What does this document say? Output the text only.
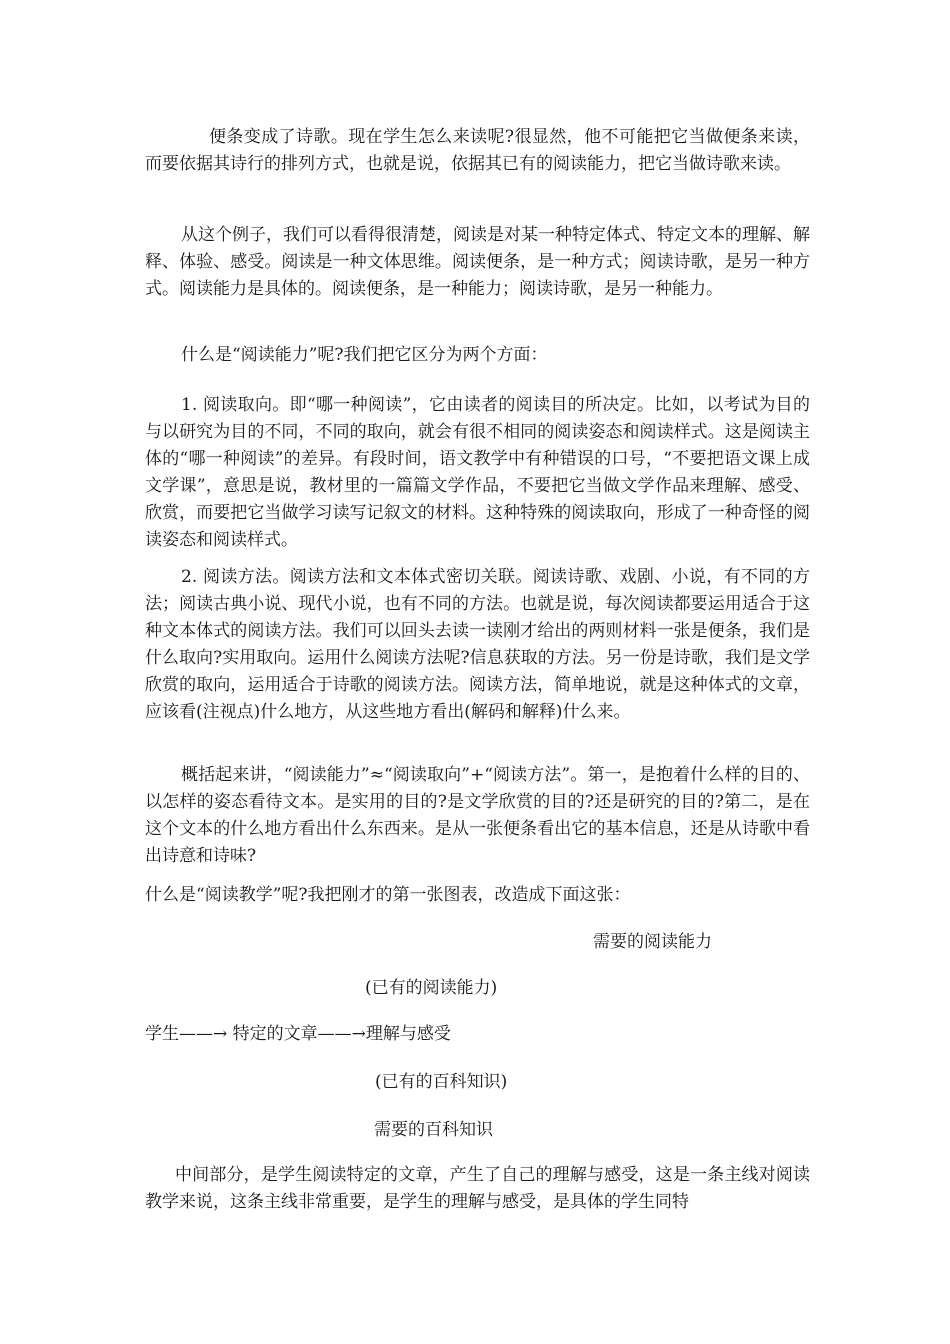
便条变成了诗歌。现在学生怎么来读呢?很显然，他不可能把它当做便条来读，而要依据其诗行的排列方式，也就是说，依据其已有的阅读能力，把它当做诗歌来读。

从这个例子，我们可以看得很清楚，阅读是对某一种特定体式、特定文本的理解、解释、体验、感受。阅读是一种文体思维。阅读便条，是一种方式；阅读诗歌，是另一种方式。阅读能力是具体的。阅读便条，是一种能力；阅读诗歌，是另一种能力。

什么是“阅读能力”呢?我们把它区分为两个方面：

1. 阅读取向。即“哪一种阅读”，它由读者的阅读目的所决定。比如，以考试为目的与以研究为目的不同，不同的取向，就会有很不相同的阅读姿态和阅读样式。这是阅读主体的“哪一种阅读”的差异。有段时间，语文教学中有种错误的口号，“不要把语文课上成文学课”，意思是说，教材里的一篇篇文学作品，不要把它当做文学作品来理解、感受、欣赏，而要把它当做学习读写记叙文的材料。这种特殊的阅读取向，形成了一种奇怪的阅读姿态和阅读样式。

2. 阅读方法。阅读方法和文本体式密切关联。阅读诗歌、戏剧、小说，有不同的方法；阅读古典小说、现代小说，也有不同的方法。也就是说，每次阅读都要运用适合于这种文本体式的阅读方法。我们可以回头去读一读刚才给出的两则材料一张是便条，我们是什么取向?实用取向。运用什么阅读方法呢?信息获取的方法。另一份是诗歌，我们是文学欣赏的取向，运用适合于诗歌的阅读方法。阅读方法，简单地说，就是这种体式的文章，应该看(注视点)什么地方，从这些地方看出(解码和解释)什么来。

概括起来讲，“阅读能力”≈“阅读取向”+“阅读方法”。第一，是抱着什么样的目的、以怎样的姿态看待文本。是实用的目的?是文学欣赏的目的?还是研究的目的?第二，是在这个文本的什么地方看出什么东西来。是从一张便条看出它的基本信息，还是从诗歌中看出诗意和诗味?

什么是“阅读教学”呢?我把刚才的第一张图表，改造成下面这张：

需要的阅读能力

(已有的阅读能力)

学生——→ 特定的文章——→理解与感受

(已有的百科知识)

需要的百科知识

中间部分，是学生阅读特定的文章，产生了自己的理解与感受，这是一条主线对阅读教学来说，这条主线非常重要，是学生的理解与感受，是具体的学生同特
